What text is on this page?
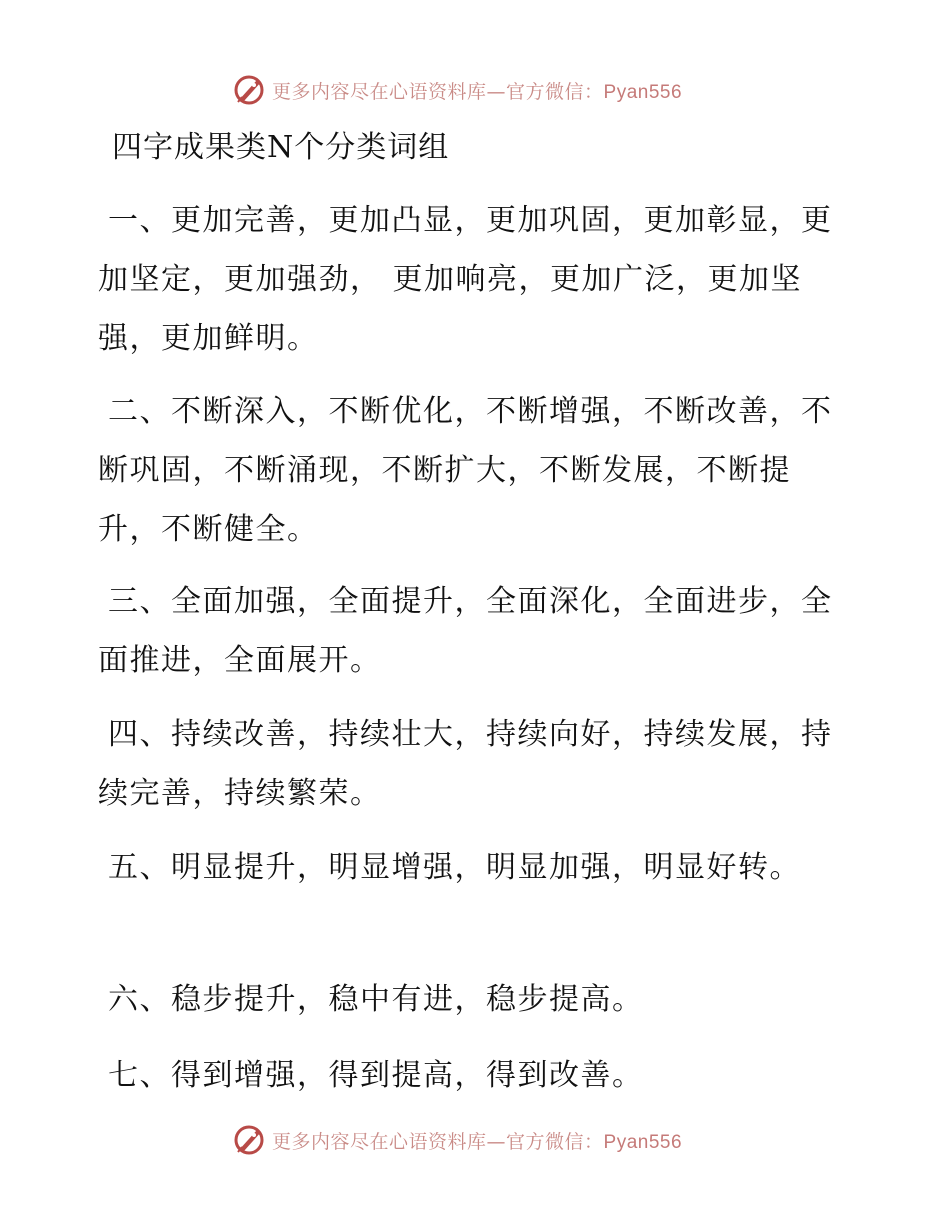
更多内容尽在心语资料库—官方微信：Pyan556
四字成果类N个分类词组

一、更加完善，更加凸显，更加巩固，更加彰显，更加坚定，更加强劲， 更加响亮，更加广泛，更加坚强，更加鲜明。

二、不断深入，不断优化，不断增强，不断改善，不断巩固，不断涌现，不断扩大，不断发展，不断提升，不断健全。

三、全面加强，全面提升，全面深化，全面进步，全面推进，全面展开。

四、持续改善，持续壮大，持续向好，持续发展，持续完善，持续繁荣。

五、明显提升，明显增强，明显加强，明显好转。

六、稳步提升，稳中有进，稳步提高。

七、得到增强，得到提高，得到改善。

更多内容尽在心语资料库—官方微信：Pyan556
